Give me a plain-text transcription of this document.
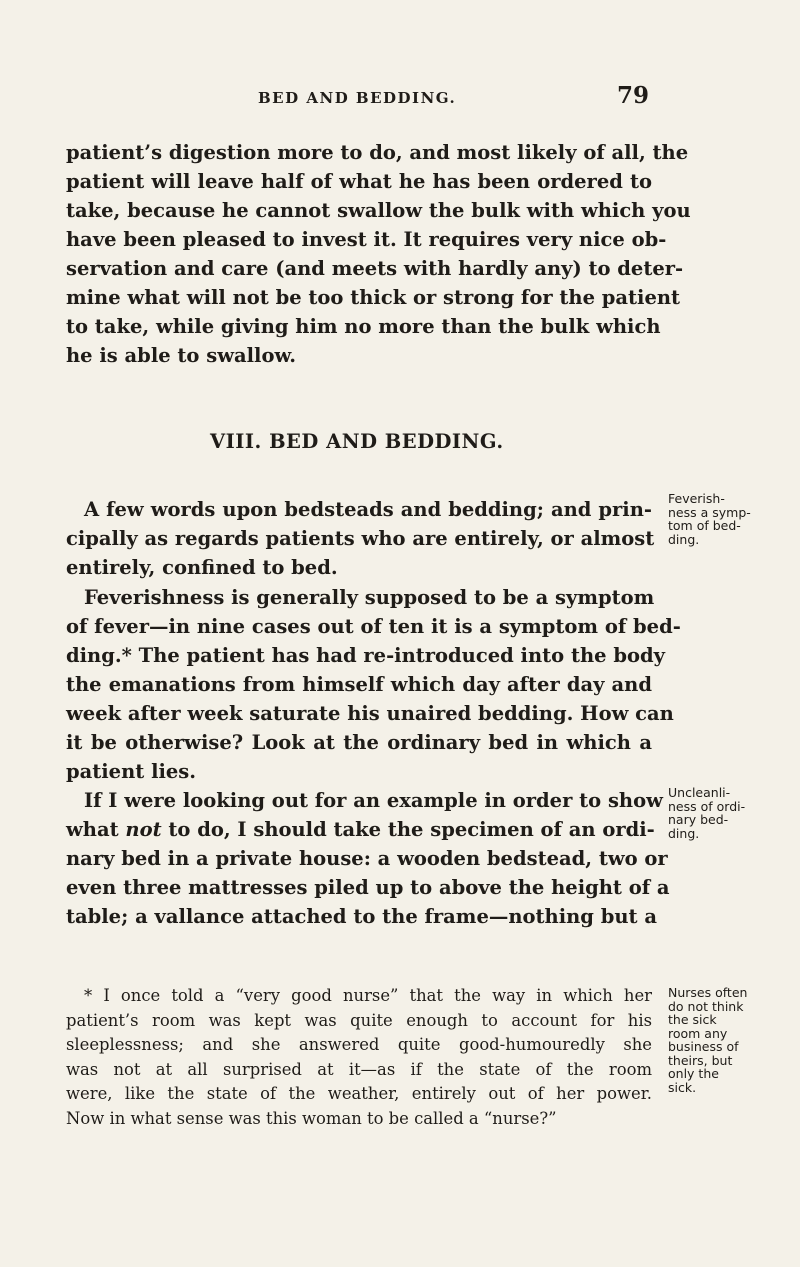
BED AND BEDDING.	79

patient’s digestion more to do, and most likely of all, the
patient will leave half of what he has been ordered to
take, because he cannot swallow the bulk with which you
have been pleased to invest it. It requires very nice ob-
servation and care (and meets with hardly any) to deter-
mine what will not be too thick or strong for the patient
to take, while giving him no more than the bulk which
he is able to swallow.

VIII. BED AND BEDDING.

A few words upon bedsteads and bedding; and prin-
cipally as regards patients who are entirely, or almost
entirely, confined to bed.

Feverishness is generally supposed to be a symptom
of fever—in nine cases out of ten it is a symptom of bed-
ding.* The patient has had re-introduced into the body
the emanations from himself which day after day and
week after week saturate his unaired bedding. How can
it be otherwise? Look at the ordinary bed in which a
patient lies.

If I were looking out for an example in order to show
what not to do, I should take the specimen of an ordi-
nary bed in a private house: a wooden bedstead, two or
even three mattresses piled up to above the height of a
table; a vallance attached to the frame—nothing but a

Feverish-
ness a symp-
tom of bed-
ding.

Uncleanli-
ness of ordi-
nary bed-
ding.

Nurses often
do not think
the sick
room any
business of
theirs, but
only the
sick.

* I once told a “very good nurse” that the way in which her
patient’s room was kept was quite enough to account for his
sleeplessness; and she answered quite good-humouredly she
was not at all surprised at it—as if the state of the room
were, like the state of the weather, entirely out of her power.
Now in what sense was this woman to be called a “nurse?”
